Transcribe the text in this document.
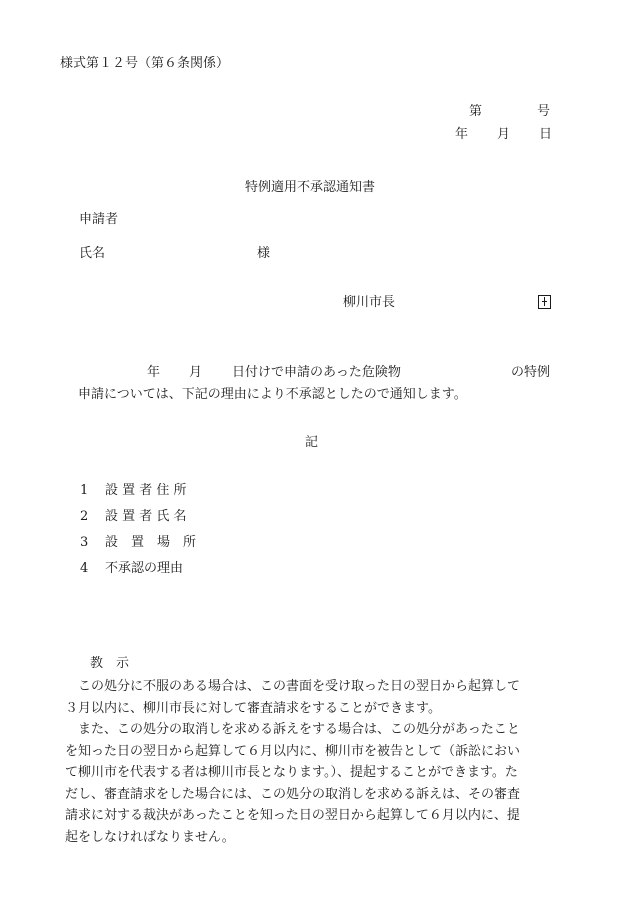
様式第１２号（第６条関係）
第	号
年 月 日
特例適用不承認通知書
申請者
氏名	様
柳川市長
年 月 日付けで申請のあった危険物	の特例
申請については、下記の理由により不承認としたので通知します。
記
1 設 置 者 住 所
2 設 置 者 氏 名
3 設　置　場　所
4 不承認の理由
教　示
この処分に不服のある場合は、この書面を受け取った日の翌日から起算して
３月以内に、柳川市長に対して審査請求をすることができます。
また、この処分の取消しを求める訴えをする場合は、この処分があったこと
を知った日の翌日から起算して６月以内に、柳川市を被告として（訴訟におい
て柳川市を代表する者は柳川市長となります。）、提起することができます。た
だし、審査請求をした場合には、この処分の取消しを求める訴えは、その審査
請求に対する裁決があったことを知った日の翌日から起算して６月以内に、提
起をしなければなりません。
